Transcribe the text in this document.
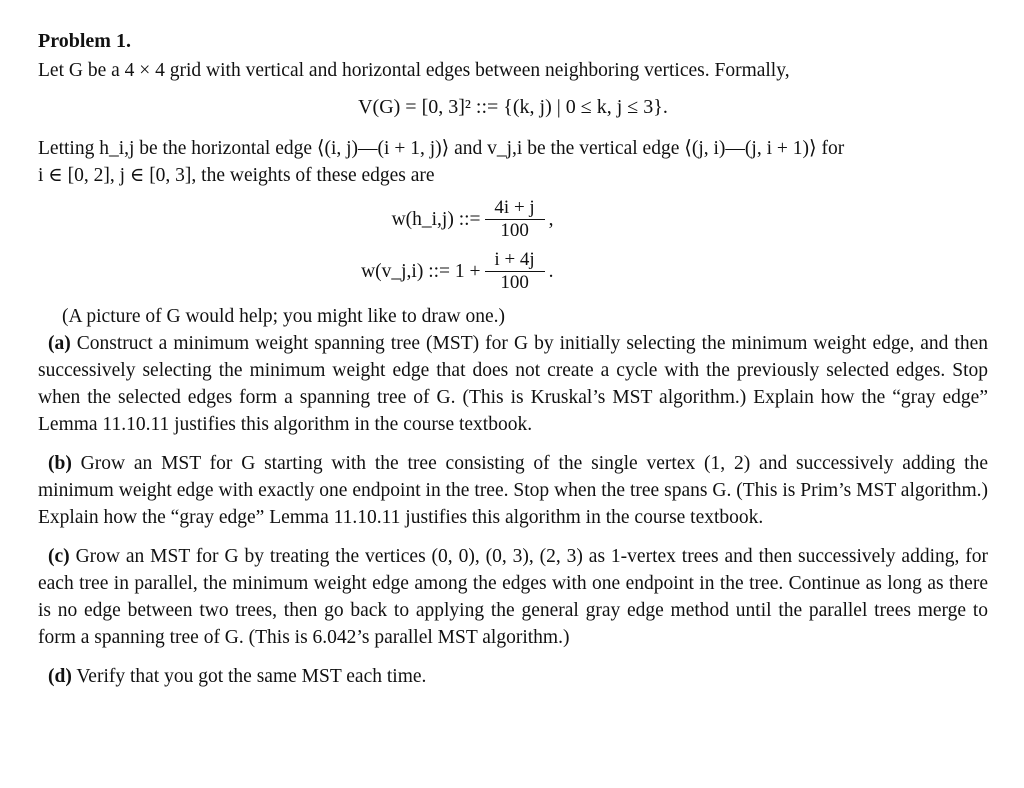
Problem 1.

Let G be a 4 × 4 grid with vertical and horizontal edges between neighboring vertices. Formally,

V(G) = [0, 3]² ::= {(k, j) | 0 ≤ k, j ≤ 3}.

Letting h_i,j be the horizontal edge ⟨(i, j)—(i + 1, j)⟩ and v_j,i be the vertical edge ⟨(j, i)—(j, i + 1)⟩ for

i ∈ [0, 2], j ∈ [0, 3], the weights of these edges are

w(h_i,j) ::= $\frac{4i + j}{100}$ ,
w(v_j,i) ::= $1 + \frac{i + 4j}{100}$ .

(A picture of G would help; you might like to draw one.)

(a) Construct a minimum weight spanning tree (MST) for G by initially selecting the minimum weight edge, and then successively selecting the minimum weight edge that does not create a cycle with the previously selected edges. Stop when the selected edges form a spanning tree of G. (This is Kruskal’s MST algorithm.) Explain how the “gray edge” Lemma 11.10.11 justifies this algorithm in the course textbook.

(b) Grow an MST for G starting with the tree consisting of the single vertex (1, 2) and successively adding the minimum weight edge with exactly one endpoint in the tree. Stop when the tree spans G. (This is Prim’s MST algorithm.) Explain how the “gray edge” Lemma 11.10.11 justifies this algorithm in the course textbook.

(c) Grow an MST for G by treating the vertices (0, 0), (0, 3), (2, 3) as 1-vertex trees and then successively adding, for each tree in parallel, the minimum weight edge among the edges with one endpoint in the tree. Continue as long as there is no edge between two trees, then go back to applying the general gray edge method until the parallel trees merge to form a spanning tree of G. (This is 6.042’s parallel MST algorithm.)

(d) Verify that you got the same MST each time.
